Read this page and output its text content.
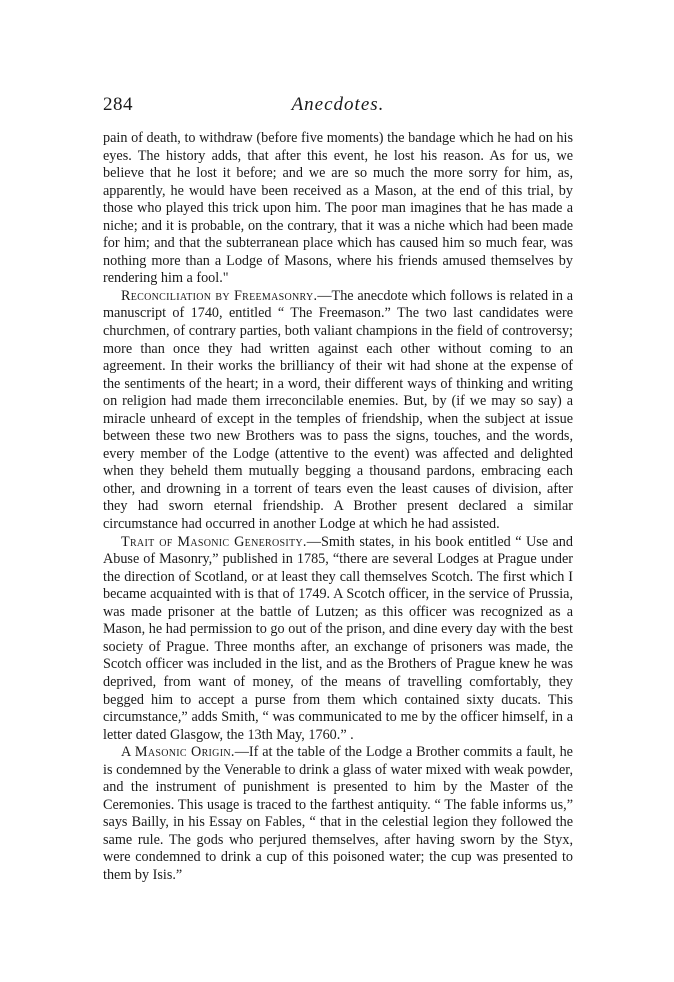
284	Anecdotes.

pain of death, to withdraw (before five moments) the bandage which he had on his eyes. The history adds, that after this event, he lost his reason. As for us, we believe that he lost it before; and we are so much the more sorry for him, as, apparently, he would have been received as a Mason, at the end of this trial, by those who played this trick upon him. The poor man imagines that he has made a niche; and it is probable, on the contrary, that it was a niche which had been made for him; and that the subterranean place which has caused him so much fear, was nothing more than a Lodge of Masons, where his friends amused themselves by rendering him a fool."

Reconciliation by Freemasonry.—The anecdote which follows is related in a manuscript of 1740, entitled “ The Freemason.” The two last candidates were churchmen, of contrary parties, both valiant champions in the field of controversy; more than once they had written against each other without coming to an agreement. In their works the brilliancy of their wit had shone at the expense of the sentiments of the heart; in a word, their different ways of thinking and writing on religion had made them irreconcilable enemies. But, by (if we may so say) a miracle unheard of except in the temples of friendship, when the subject at issue between these two new Brothers was to pass the signs, touches, and the words, every member of the Lodge (attentive to the event) was affected and delighted when they beheld them mutually begging a thousand pardons, embracing each other, and drowning in a torrent of tears even the least causes of division, after they had sworn eternal friendship. A Brother present declared a similar circumstance had occurred in another Lodge at which he had assisted.

Trait of Masonic Generosity.—Smith states, in his book entitled “ Use and Abuse of Masonry,” published in 1785, “there are several Lodges at Prague under the direction of Scotland, or at least they call themselves Scotch. The first which I became acquainted with is that of 1749. A Scotch officer, in the service of Prussia, was made prisoner at the battle of Lutzen; as this officer was recognized as a Mason, he had permission to go out of the prison, and dine every day with the best society of Prague. Three months after, an exchange of prisoners was made, the Scotch officer was included in the list, and as the Brothers of Prague knew he was deprived, from want of money, of the means of travelling comfortably, they begged him to accept a purse from them which contained sixty ducats. This circumstance,” adds Smith, “ was communicated to me by the officer himself, in a letter dated Glasgow, the 13th May, 1760.” .

A Masonic Origin.—If at the table of the Lodge a Brother commits a fault, he is condemned by the Venerable to drink a glass of water mixed with weak powder, and the instrument of punishment is presented to him by the Master of the Ceremonies. This usage is traced to the farthest antiquity. “ The fable informs us,” says Bailly, in his Essay on Fables, “ that in the celestial legion they followed the same rule. The gods who perjured themselves, after having sworn by the Styx, were condemned to drink a cup of this poisoned water; the cup was presented to them by Isis.”
